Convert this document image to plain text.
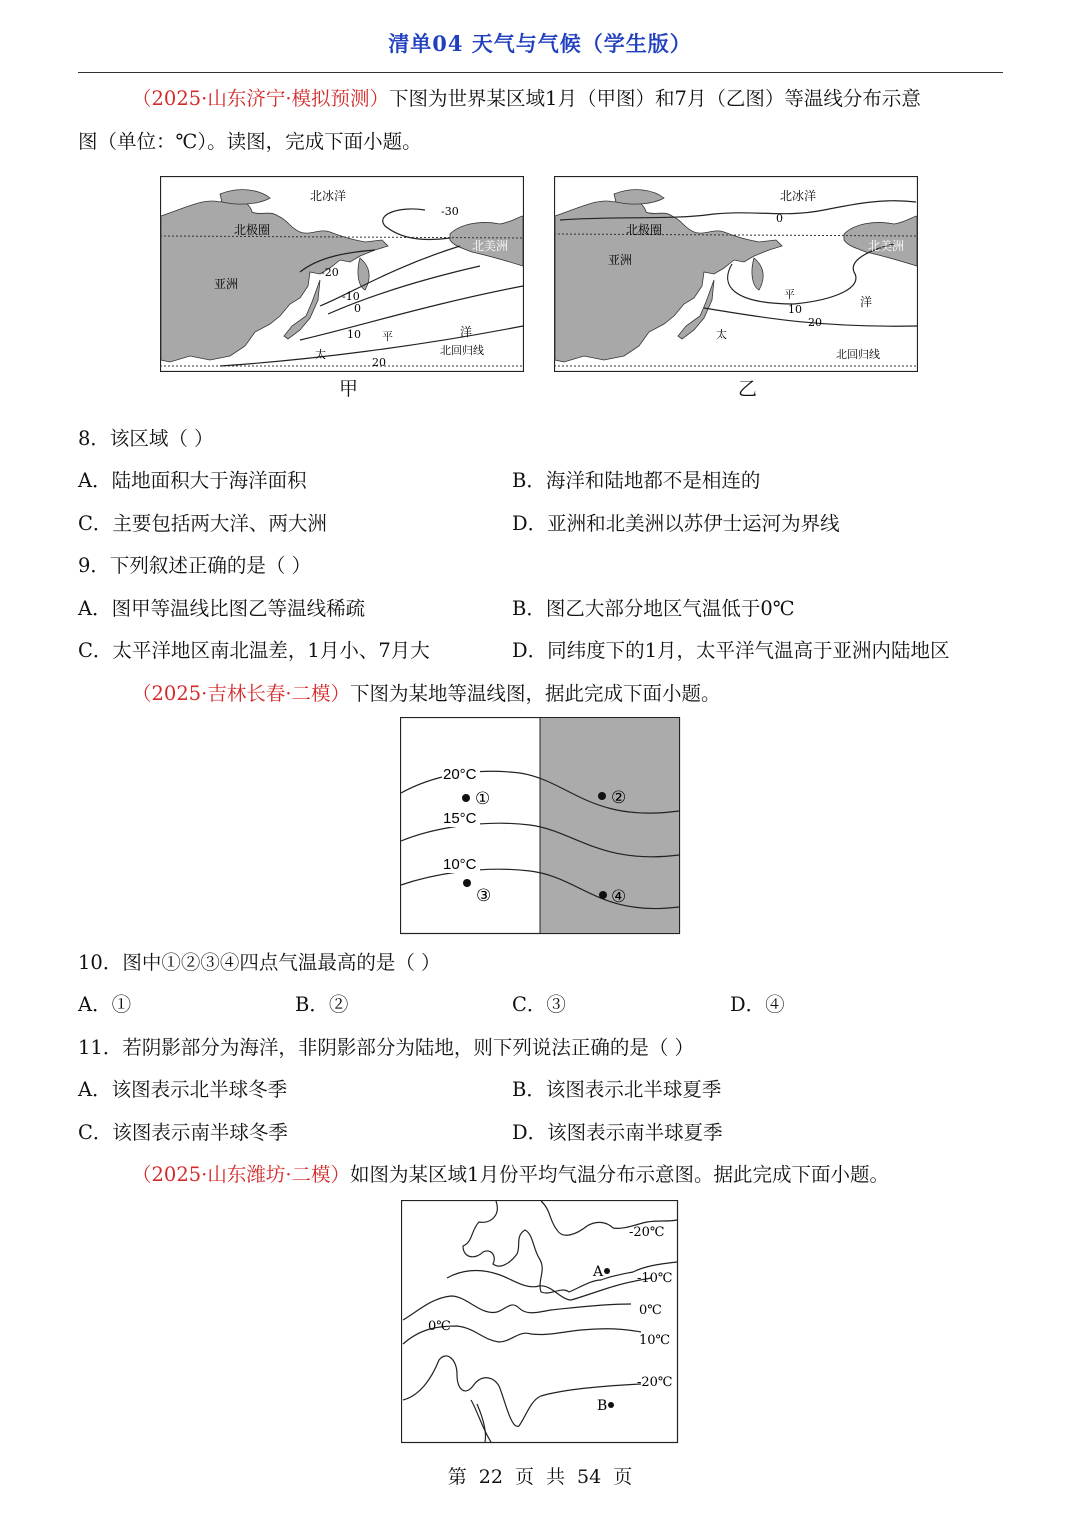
清单04 天气与气候（学生版）
（2025·山东济宁·模拟预测）下图为世界某区域1月（甲图）和7月（乙图）等温线分布示意
图（单位：℃）。读图，完成下面小题。
北冰洋
北极圈
北美洲
亚洲
平	洋
太	北回归线
-30
-20
-10
0
10
20
甲
北冰洋
北极圈
北美洲
亚洲
平
洋
太
北回归线
0
10
20
乙
8．该区域（ ）
A．陆地面积大于海洋面积	B．海洋和陆地都不是相连的
C．主要包括两大洋、两大洲	D．亚洲和北美洲以苏伊士运河为界线
9．下列叙述正确的是（ ）
A．图甲等温线比图乙等温线稀疏	B．图乙大部分地区气温低于0℃
C．太平洋地区南北温差，1月小、7月大	D．同纬度下的1月，太平洋气温高于亚洲内陆地区
（2025·吉林长春·二模）下图为某地等温线图，据此完成下面小题。
20°C
15°C
10°C
①	②
③	④
10．图中①②③④四点气温最高的是（ ）
A．①	B．②	C．③	D．④
11．若阴影部分为海洋，非阴影部分为陆地，则下列说法正确的是（ ）
A．该图表示北半球冬季	B．该图表示北半球夏季
C．该图表示南半球冬季	D．该图表示南半球夏季
（2025·山东潍坊·二模）如图为某区域1月份平均气温分布示意图。据此完成下面小题。
-20℃
-10℃
0℃
10℃
-20℃
0℃
A
B
第 22 页 共 54 页
